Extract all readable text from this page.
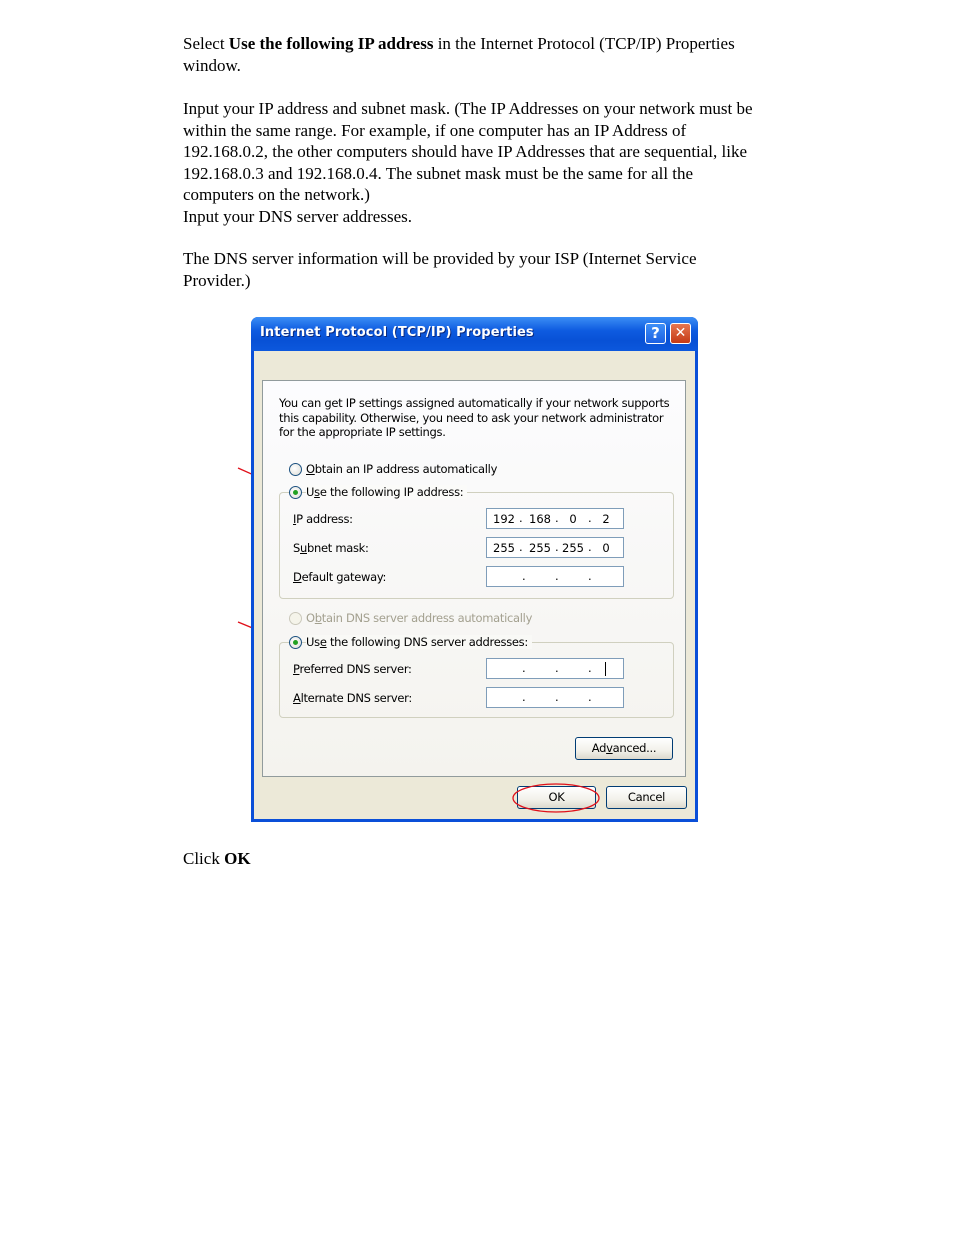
Select Use the following IP address in the Internet Protocol (TCP/IP) Properties window.

Input your IP address and subnet mask. (The IP Addresses on your network must be within the same range. For example, if one computer has an IP Address of 192.168.0.2, the other computers should have IP Addresses that are sequential, like 192.168.0.3 and 192.168.0.4. The subnet mask must be the same for all the computers on the network.)

Input your DNS server addresses.

The DNS server information will be provided by your ISP (Internet Service Provider.)

Click OK

Internet Protocol (TCP/IP) Properties	?	✕
You can get IP settings assigned automatically if your network supports this capability. Otherwise, you need to ask your network administrator for the appropriate IP settings.
Obtain an IP address automatically
Use the following IP address:
IP address:	192 . 168 . 0 . 2
Subnet mask:	255 . 255 . 255 . 0
Default gateway:	.	.	.
Obtain DNS server address automatically
Use the following DNS server addresses:
Preferred DNS server:	.	.	.
Alternate DNS server:	.	.	.
Advanced...
OK	Cancel
